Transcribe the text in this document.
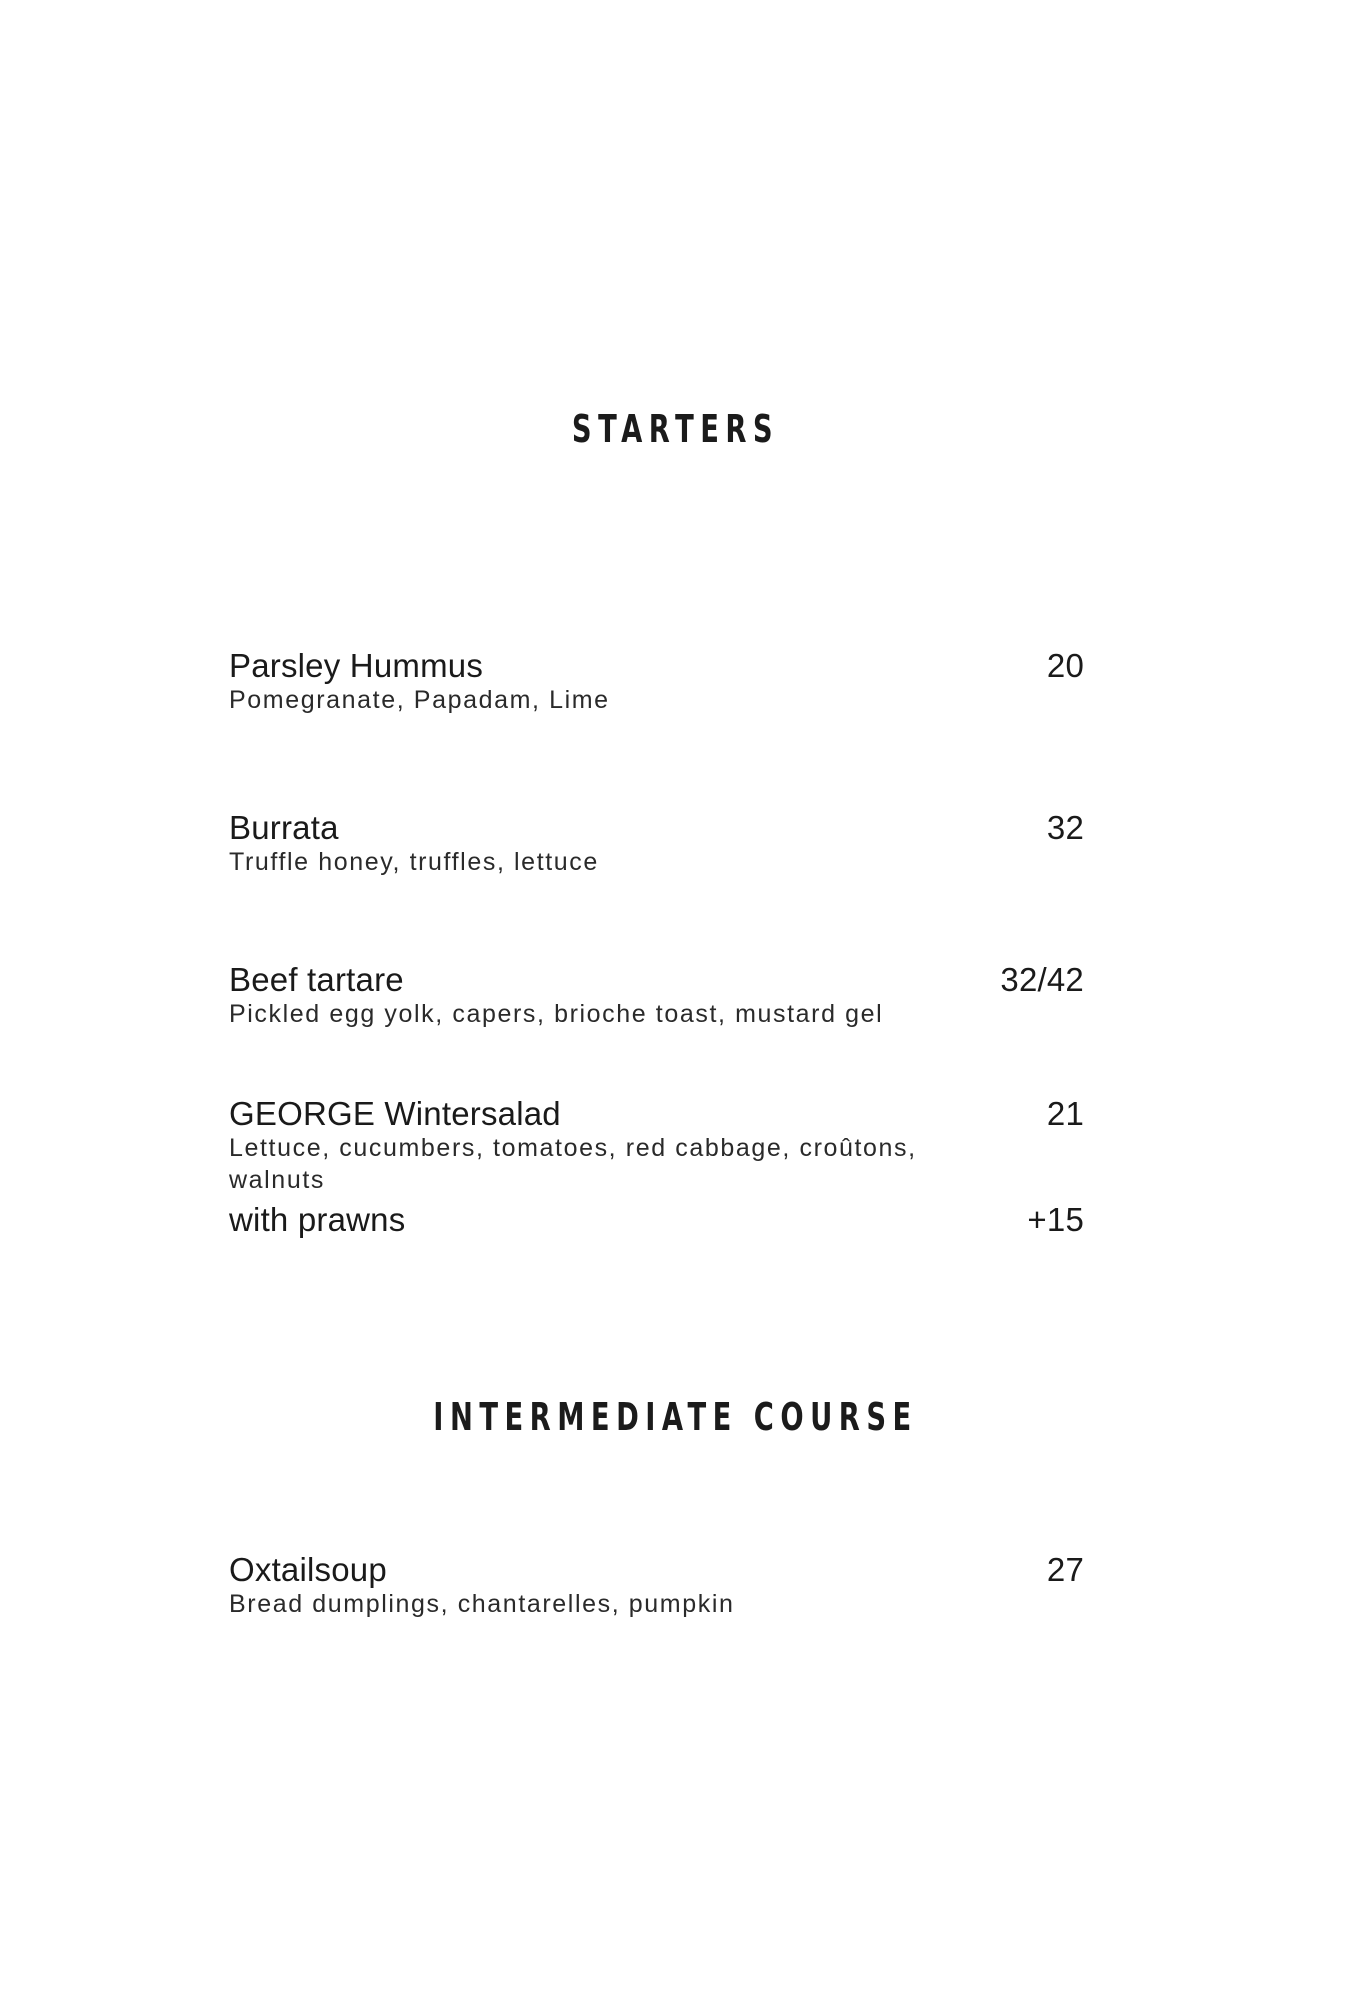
STARTERS
Parsley Hummus	20
Pomegranate, Papadam, Lime
Burrata	32
Truffle honey, truffles, lettuce
Beef tartare	32/42
Pickled egg yolk, capers, brioche toast, mustard gel
GEORGE Wintersalad	21
Lettuce, cucumbers, tomatoes, red cabbage, croûtons, walnuts
with prawns	+15
INTERMEDIATE COURSE
Oxtailsoup	27
Bread dumplings, chantarelles, pumpkin
